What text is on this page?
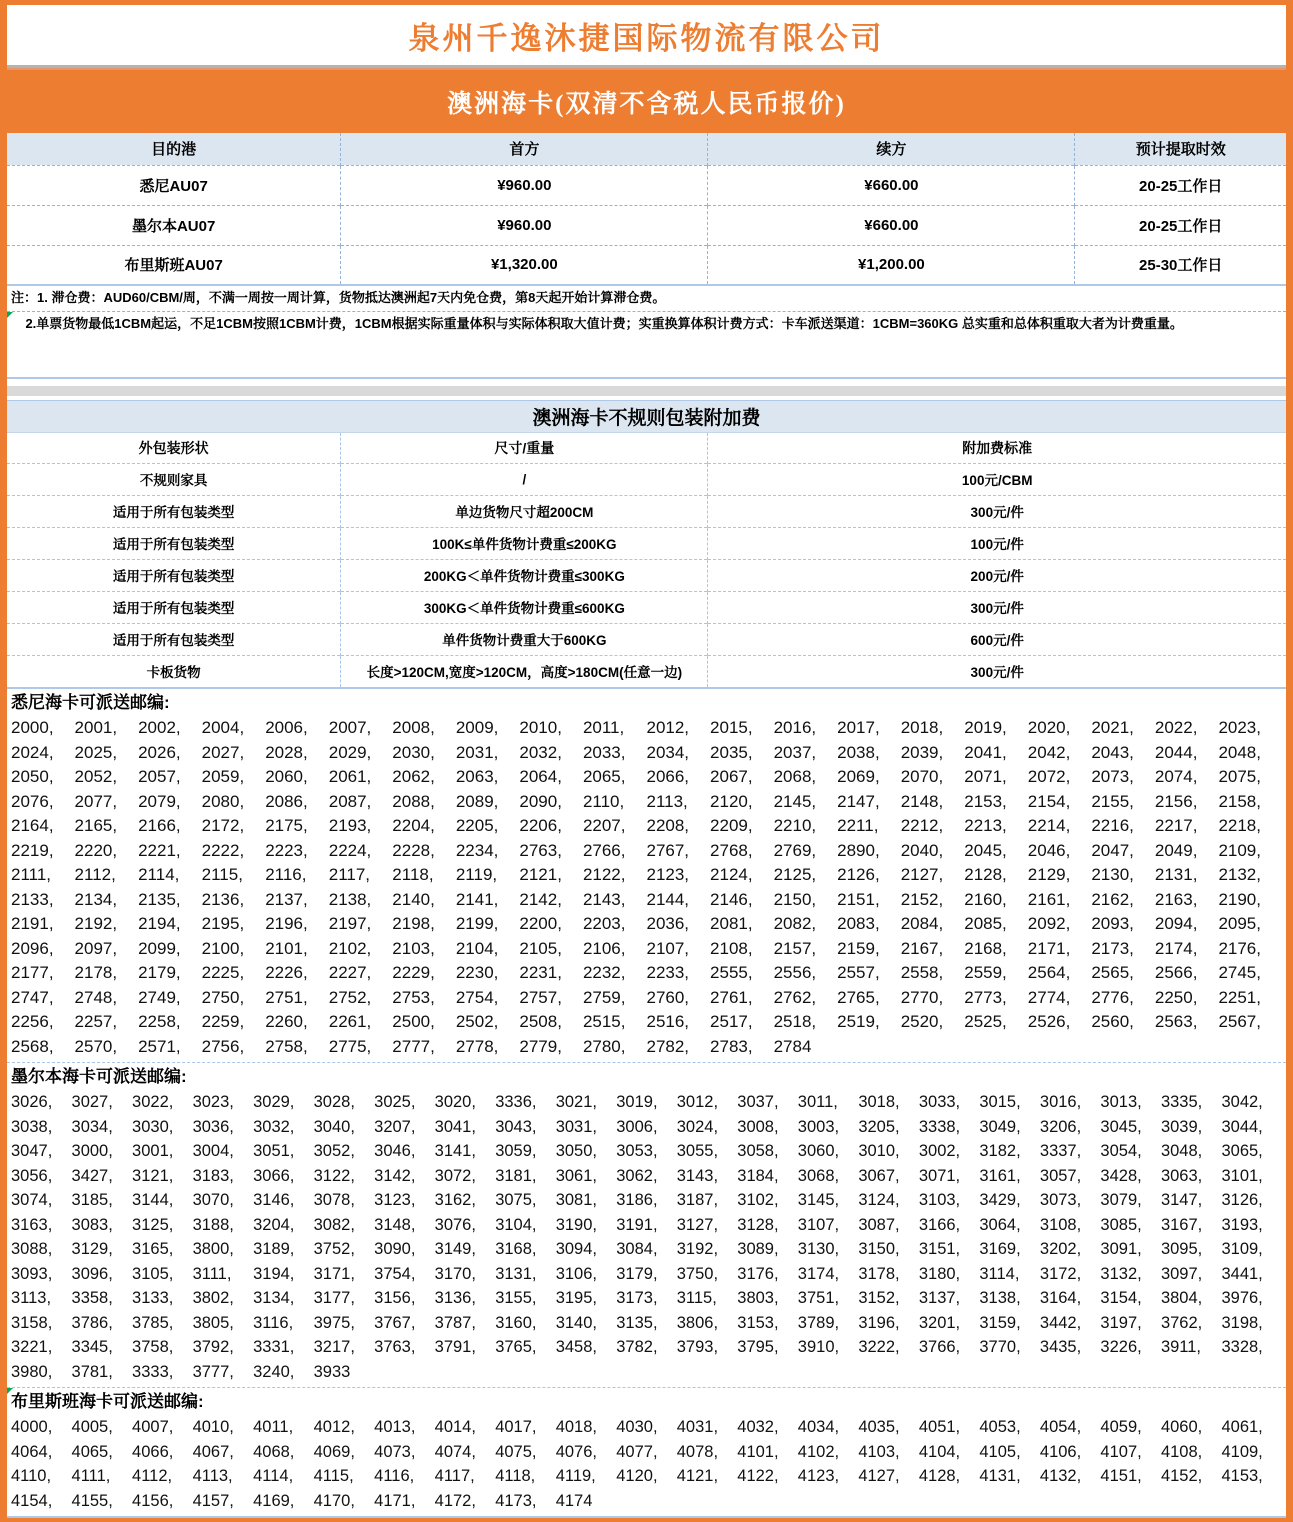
泉州千逸沐捷国际物流有限公司
澳洲海卡(双清不含税人民币报价)
目的港	首方	续方	预计提取时效
悉尼AU07	¥960.00	¥660.00	20-25工作日
墨尔本AU07	¥960.00	¥660.00	20-25工作日
布里斯班AU07	¥1,320.00	¥1,200.00	25-30工作日
注：1. 滞仓费：AUD60/CBM/周，不满一周按一周计算，货物抵达澳洲起7天内免仓费，第8天起开始计算滞仓费。
2.单票货物最低1CBM起运，不足1CBM按照1CBM计费，1CBM根据实际重量体积与实际体积取大值计费；实重换算体积计费方式：卡车派送渠道：1CBM=360KG 总实重和总体积重取大者为计费重量。

澳洲海卡不规则包装附加费
外包装形状	尺寸/重量	附加费标准
不规则家具	/	100元/CBM
适用于所有包装类型	单边货物尺寸超200CM	300元/件
适用于所有包装类型	100K≤单件货物计费重≤200KG	100元/件
适用于所有包装类型	200KG＜单件货物计费重≤300KG	200元/件
适用于所有包装类型	300KG＜单件货物计费重≤600KG	300元/件
适用于所有包装类型	单件货物计费重大于600KG	600元/件
卡板货物	长度>120CM,宽度>120CM，高度>180CM(任意一边)	300元/件
悉尼海卡可派送邮编:
2000,	2001,	2002,	2004,	2006,	2007,	2008,	2009,	2010,	2011,	2012,	2015,	2016,	2017,	2018,	2019,	2020,	2021,	2022,	2023,
2024,	2025,	2026,	2027,	2028,	2029,	2030,	2031,	2032,	2033,	2034,	2035,	2037,	2038,	2039,	2041,	2042,	2043,	2044,	2048,
2050,	2052,	2057,	2059,	2060,	2061,	2062,	2063,	2064,	2065,	2066,	2067,	2068,	2069,	2070,	2071,	2072,	2073,	2074,	2075,
2076,	2077,	2079,	2080,	2086,	2087,	2088,	2089,	2090,	2110,	2113,	2120,	2145,	2147,	2148,	2153,	2154,	2155,	2156,	2158,
2164,	2165,	2166,	2172,	2175,	2193,	2204,	2205,	2206,	2207,	2208,	2209,	2210,	2211,	2212,	2213,	2214,	2216,	2217,	2218,
2219,	2220,	2221,	2222,	2223,	2224,	2228,	2234,	2763,	2766,	2767,	2768,	2769,	2890,	2040,	2045,	2046,	2047,	2049,	2109,
2111,	2112,	2114,	2115,	2116,	2117,	2118,	2119,	2121,	2122,	2123,	2124,	2125,	2126,	2127,	2128,	2129,	2130,	2131,	2132,
2133,	2134,	2135,	2136,	2137,	2138,	2140,	2141,	2142,	2143,	2144,	2146,	2150,	2151,	2152,	2160,	2161,	2162,	2163,	2190,
2191,	2192,	2194,	2195,	2196,	2197,	2198,	2199,	2200,	2203,	2036,	2081,	2082,	2083,	2084,	2085,	2092,	2093,	2094,	2095,
2096,	2097,	2099,	2100,	2101,	2102,	2103,	2104,	2105,	2106,	2107,	2108,	2157,	2159,	2167,	2168,	2171,	2173,	2174,	2176,
2177,	2178,	2179,	2225,	2226,	2227,	2229,	2230,	2231,	2232,	2233,	2555,	2556,	2557,	2558,	2559,	2564,	2565,	2566,	2745,
2747,	2748,	2749,	2750,	2751,	2752,	2753,	2754,	2757,	2759,	2760,	2761,	2762,	2765,	2770,	2773,	2774,	2776,	2250,	2251,
2256,	2257,	2258,	2259,	2260,	2261,	2500,	2502,	2508,	2515,	2516,	2517,	2518,	2519,	2520,	2525,	2526,	2560,	2563,	2567,
2568,	2570,	2571,	2756,	2758,	2775,	2777,	2778,	2779,	2780,	2782,	2783,	2784
墨尔本海卡可派送邮编:
3026,	3027,	3022,	3023,	3029,	3028,	3025,	3020,	3336,	3021,	3019,	3012,	3037,	3011,	3018,	3033,	3015,	3016,	3013,	3335,	3042,
3038,	3034,	3030,	3036,	3032,	3040,	3207,	3041,	3043,	3031,	3006,	3024,	3008,	3003,	3205,	3338,	3049,	3206,	3045,	3039,	3044,
3047,	3000,	3001,	3004,	3051,	3052,	3046,	3141,	3059,	3050,	3053,	3055,	3058,	3060,	3010,	3002,	3182,	3337,	3054,	3048,	3065,
3056,	3427,	3121,	3183,	3066,	3122,	3142,	3072,	3181,	3061,	3062,	3143,	3184,	3068,	3067,	3071,	3161,	3057,	3428,	3063,	3101,
3074,	3185,	3144,	3070,	3146,	3078,	3123,	3162,	3075,	3081,	3186,	3187,	3102,	3145,	3124,	3103,	3429,	3073,	3079,	3147,	3126,
3163,	3083,	3125,	3188,	3204,	3082,	3148,	3076,	3104,	3190,	3191,	3127,	3128,	3107,	3087,	3166,	3064,	3108,	3085,	3167,	3193,
3088,	3129,	3165,	3800,	3189,	3752,	3090,	3149,	3168,	3094,	3084,	3192,	3089,	3130,	3150,	3151,	3169,	3202,	3091,	3095,	3109,
3093,	3096,	3105,	3111,	3194,	3171,	3754,	3170,	3131,	3106,	3179,	3750,	3176,	3174,	3178,	3180,	3114,	3172,	3132,	3097,	3441,
3113,	3358,	3133,	3802,	3134,	3177,	3156,	3136,	3155,	3195,	3173,	3115,	3803,	3751,	3152,	3137,	3138,	3164,	3154,	3804,	3976,
3158,	3786,	3785,	3805,	3116,	3975,	3767,	3787,	3160,	3140,	3135,	3806,	3153,	3789,	3196,	3201,	3159,	3442,	3197,	3762,	3198,
3221,	3345,	3758,	3792,	3331,	3217,	3763,	3791,	3765,	3458,	3782,	3793,	3795,	3910,	3222,	3766,	3770,	3435,	3226,	3911,	3328,
3980,	3781,	3333,	3777,	3240,	3933
布里斯班海卡可派送邮编:
4000,	4005,	4007,	4010,	4011,	4012,	4013,	4014,	4017,	4018,	4030,	4031,	4032,	4034,	4035,	4051,	4053,	4054,	4059,	4060,	4061,
4064,	4065,	4066,	4067,	4068,	4069,	4073,	4074,	4075,	4076,	4077,	4078,	4101,	4102,	4103,	4104,	4105,	4106,	4107,	4108,	4109,
4110,	4111,	4112,	4113,	4114,	4115,	4116,	4117,	4118,	4119,	4120,	4121,	4122,	4123,	4127,	4128,	4131,	4132,	4151,	4152,	4153,
4154,	4155,	4156,	4157,	4169,	4170,	4171,	4172,	4173,	4174
